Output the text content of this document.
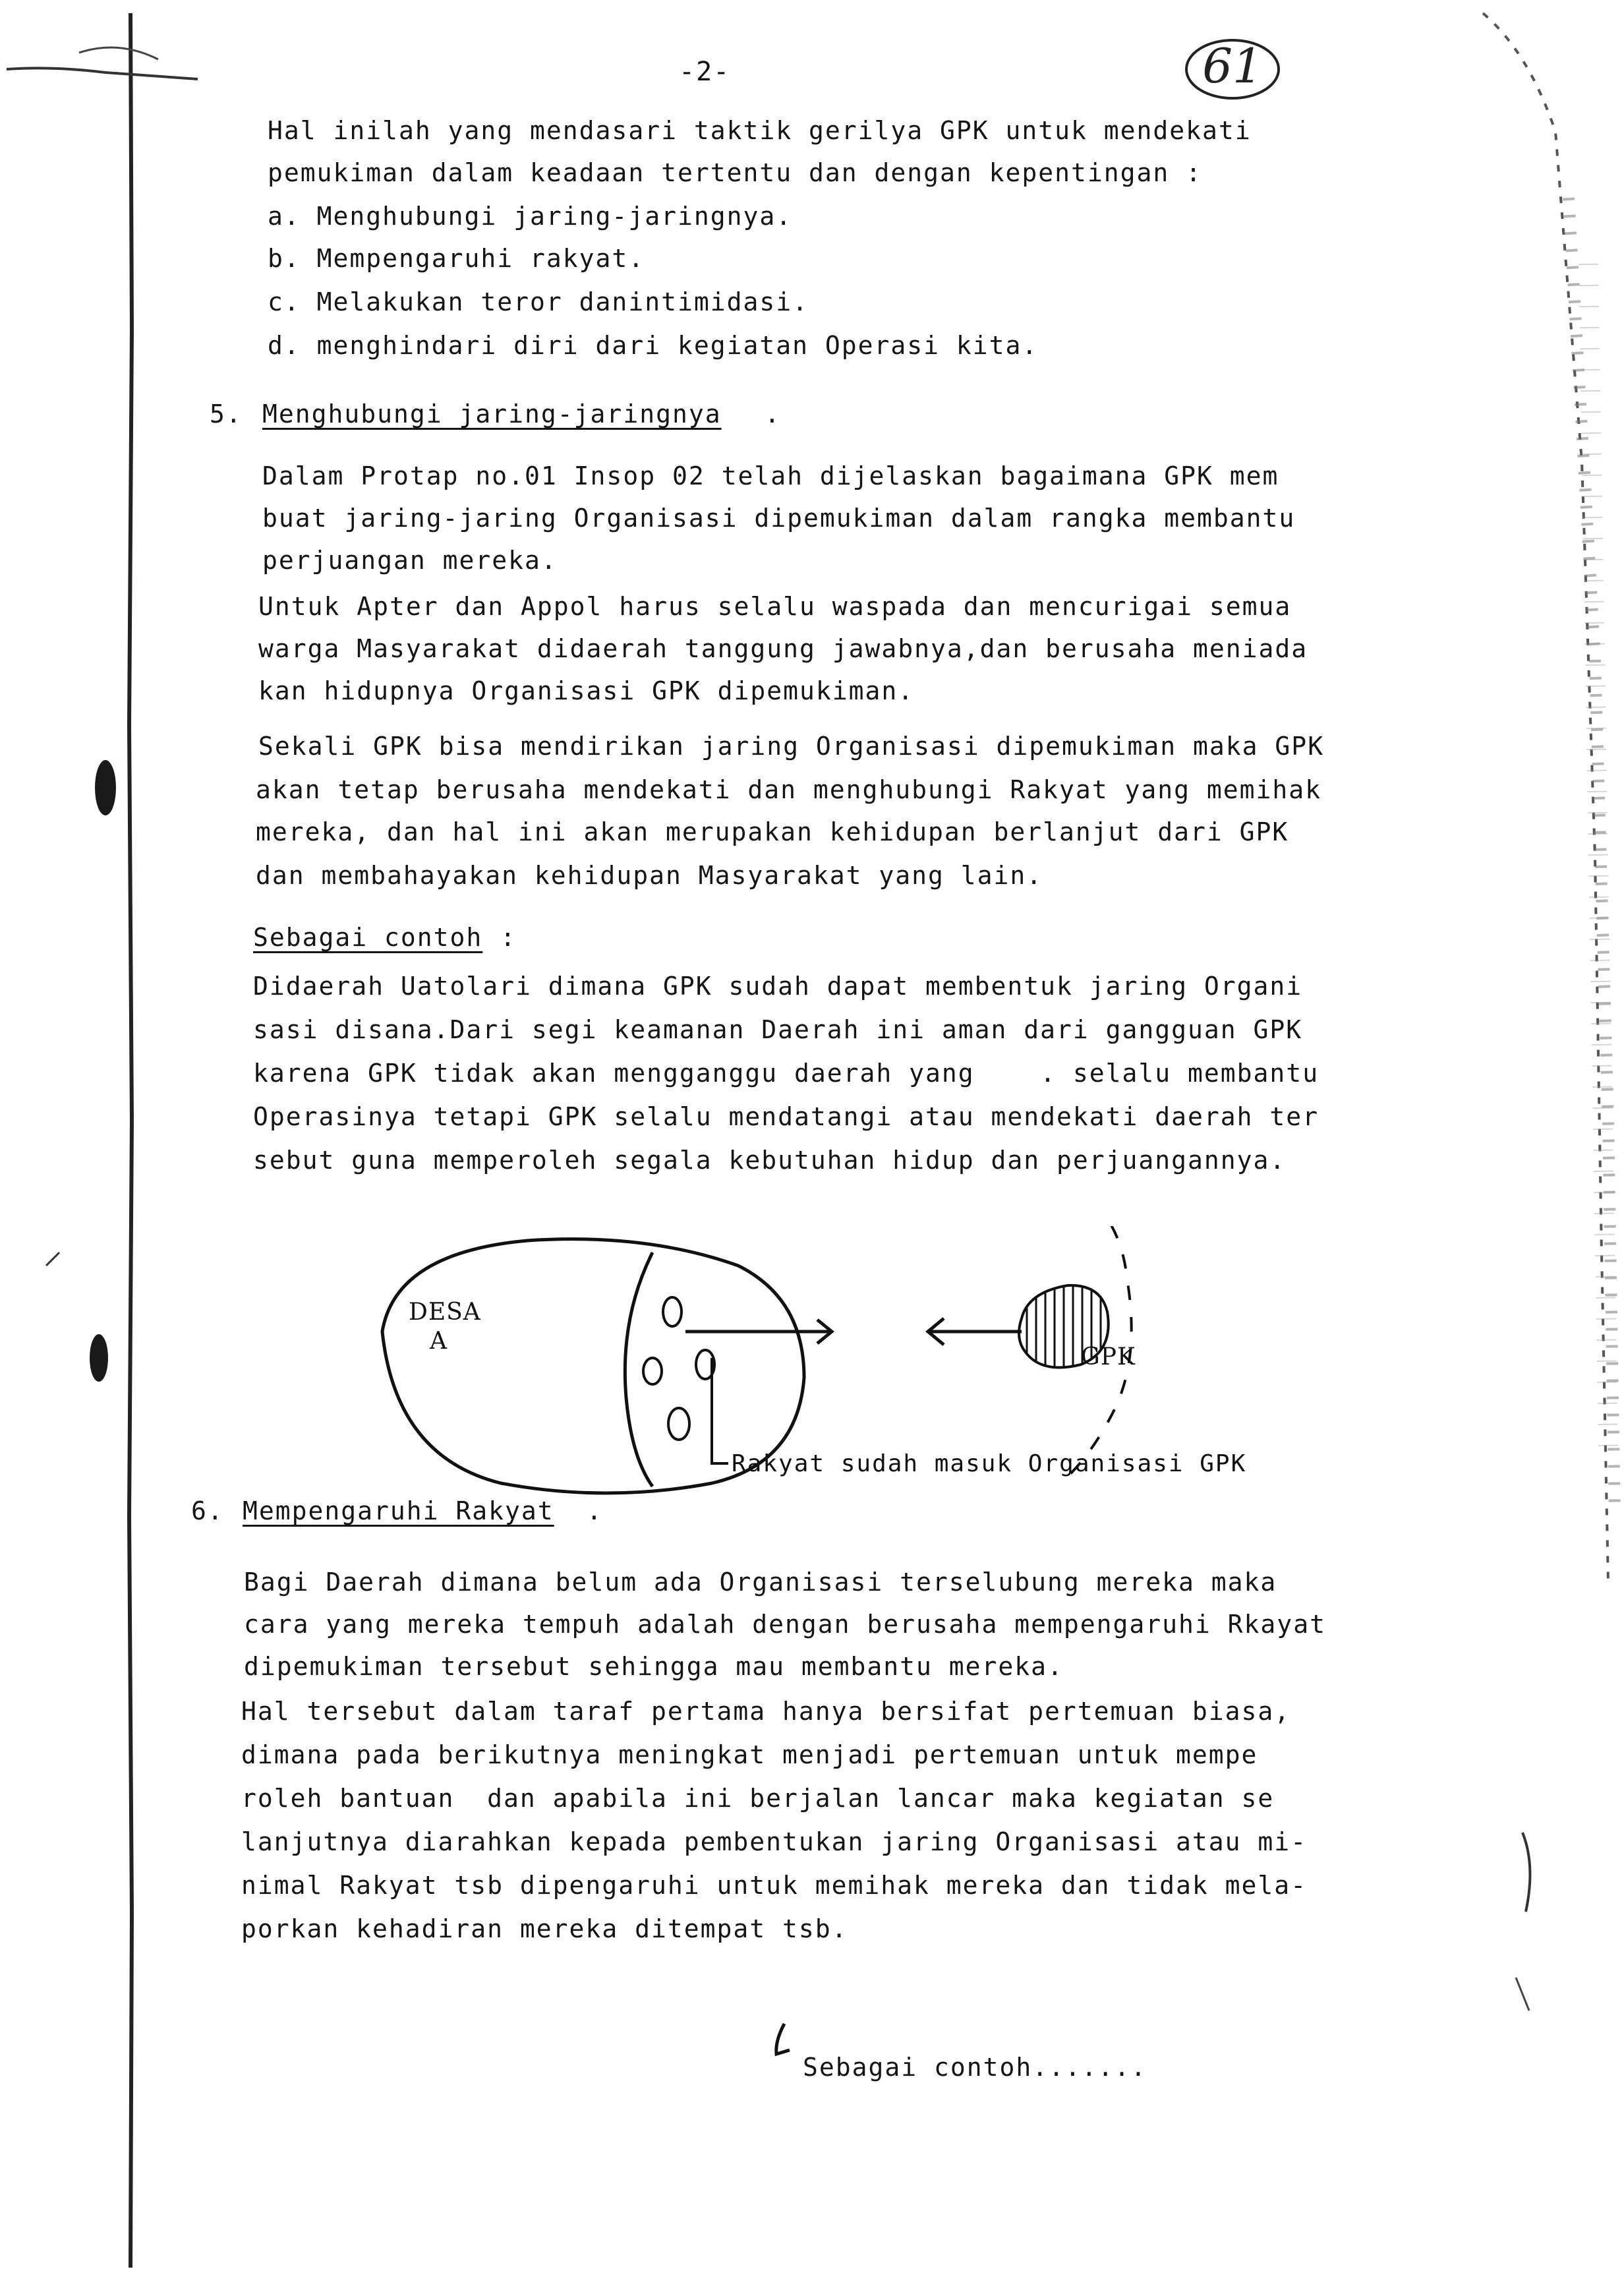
-2-	61
Hal inilah yang mendasari taktik gerilya GPK untuk mendekati
pemukiman dalam keadaan tertentu dan dengan kepentingan :
a. Menghubungi jaring-jaringnya.
b. Mempengaruhi rakyat.
c. Melakukan teror danintimidasi.
d. menghindari diri dari kegiatan Operasi kita.
5. Menghubungi jaring-jaringnya .
Dalam Protap no.01 Insop 02 telah dijelaskan bagaimana GPK mem
buat jaring-jaring Organisasi dipemukiman dalam rangka membantu
perjuangan mereka.
Untuk Apter dan Appol harus selalu waspada dan mencurigai semua
warga Masyarakat didaerah tanggung jawabnya,dan berusaha meniada
kan hidupnya Organisasi GPK dipemukiman.
Sekali GPK bisa mendirikan jaring Organisasi dipemukiman maka GPK
akan tetap berusaha mendekati dan menghubungi Rakyat yang memihak
mereka, dan hal ini akan merupakan kehidupan berlanjut dari GPK
dan membahayakan kehidupan Masyarakat yang lain.
Sebagai contoh :
Didaerah Uatolari dimana GPK sudah dapat membentuk jaring Organi
sasi disana.Dari segi keamanan Daerah ini aman dari gangguan GPK
karena GPK tidak akan mengganggu daerah yang    . selalu membantu
Operasinya tetapi GPK selalu mendatangi atau mendekati daerah ter
sebut guna memperoleh segala kebutuhan hidup dan perjuangannya.
DESA
A
GPK
Rakyat sudah masuk Organisasi GPK
6. Mempengaruhi Rakyat .
Bagi Daerah dimana belum ada Organisasi terselubung mereka maka
cara yang mereka tempuh adalah dengan berusaha mempengaruhi Rkayat
dipemukiman tersebut sehingga mau membantu mereka.
Hal tersebut dalam taraf pertama hanya bersifat pertemuan biasa,
dimana pada berikutnya meningkat menjadi pertemuan untuk mempe
roleh bantuan  dan apabila ini berjalan lancar maka kegiatan se
lanjutnya diarahkan kepada pembentukan jaring Organisasi atau mi-
nimal Rakyat tsb dipengaruhi untuk memihak mereka dan tidak mela-
porkan kehadiran mereka ditempat tsb.
Sebagai contoh.......
